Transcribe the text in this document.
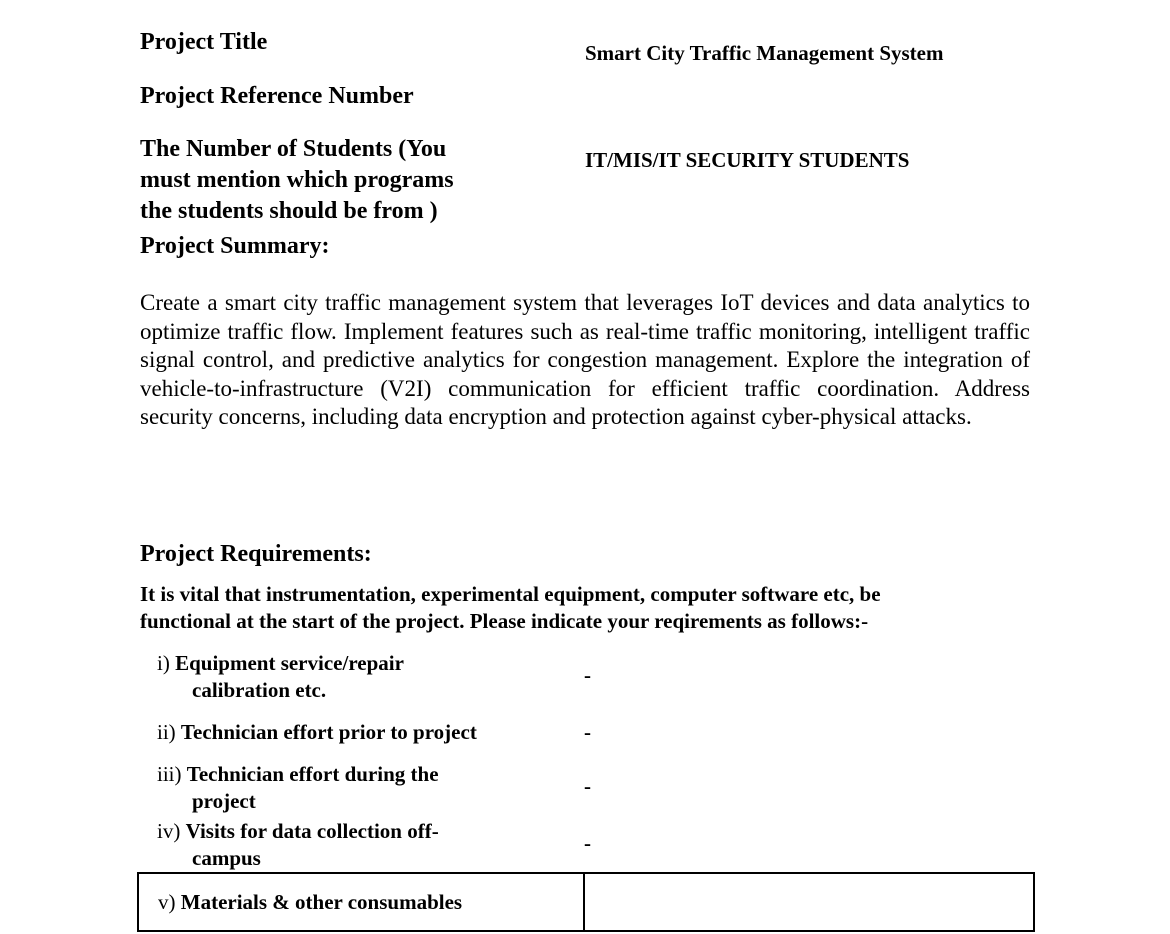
Project Title	Smart City Traffic Management System
Project Reference Number
The Number of Students (You
must mention which programs
the students should be from )
IT/MIS/IT SECURITY STUDENTS
Project Summary:
Create a smart city traffic management system that leverages IoT devices and data analytics to optimize traffic flow. Implement features such as real-time traffic monitoring, intelligent traffic signal control, and predictive analytics for congestion management. Explore the integration of vehicle-to-infrastructure (V2I) communication for efficient traffic coordination. Address security concerns, including data encryption and protection against cyber-physical attacks.
Project Requirements:
It is vital that instrumentation, experimental equipment, computer software etc, be
functional at the start of the project. Please indicate your reqirements as follows:-
i) Equipment service/repair
calibration etc.
-
ii) Technician effort prior to project	-
iii) Technician effort during the
project
-
iv) Visits for data collection off-
campus
-
v) Materials & other consumables
